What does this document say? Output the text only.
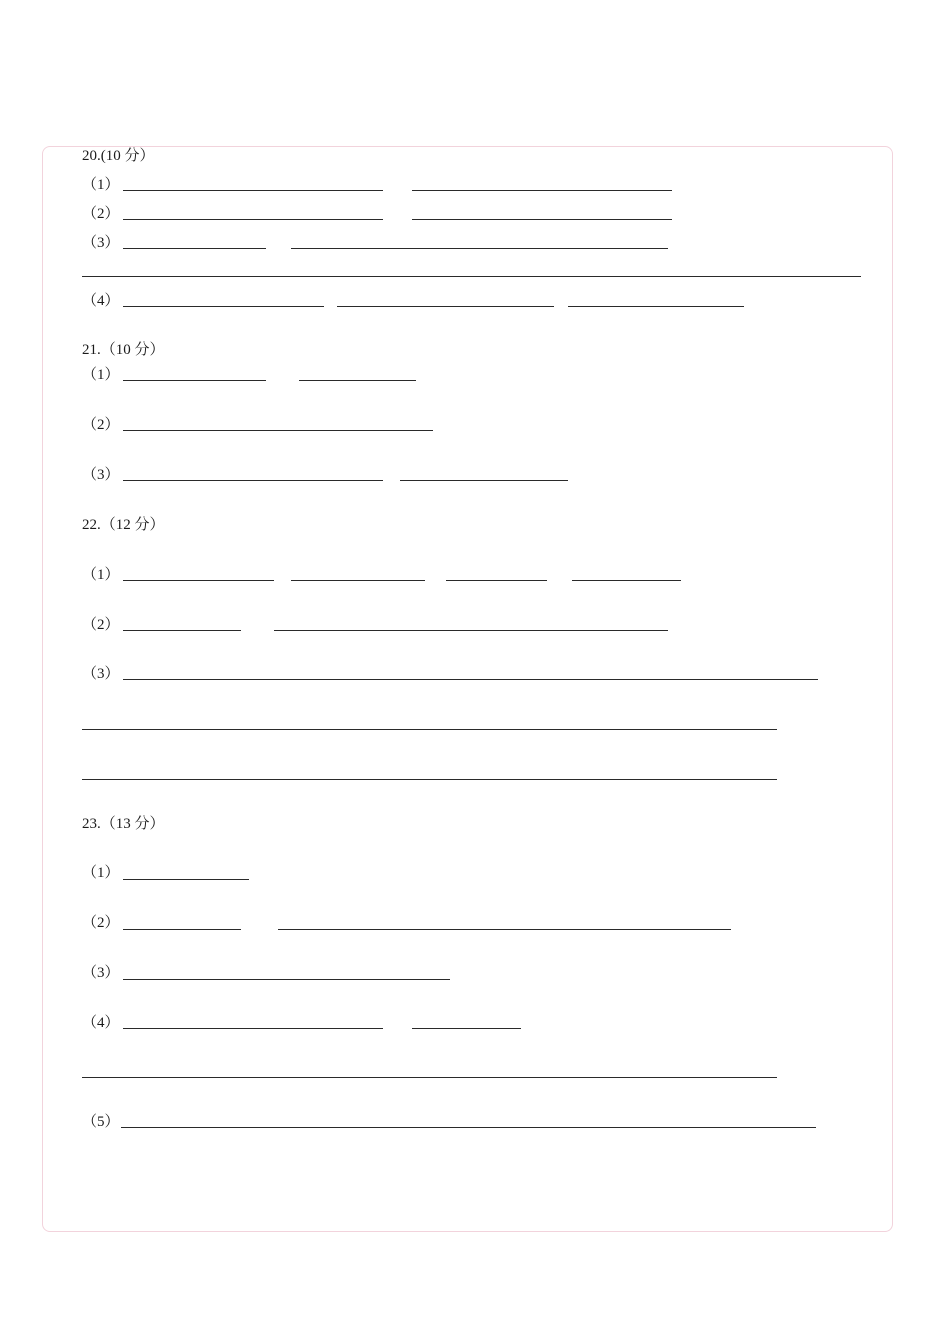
20.(10 分）
（1）
（2）
（3）
（4）
21.（10 分）
（1）
（2）
（3）
22.（12 分）
（1）
（2）
（3）
23.（13 分）
（1）
（2）
（3）
（4）
（5）
